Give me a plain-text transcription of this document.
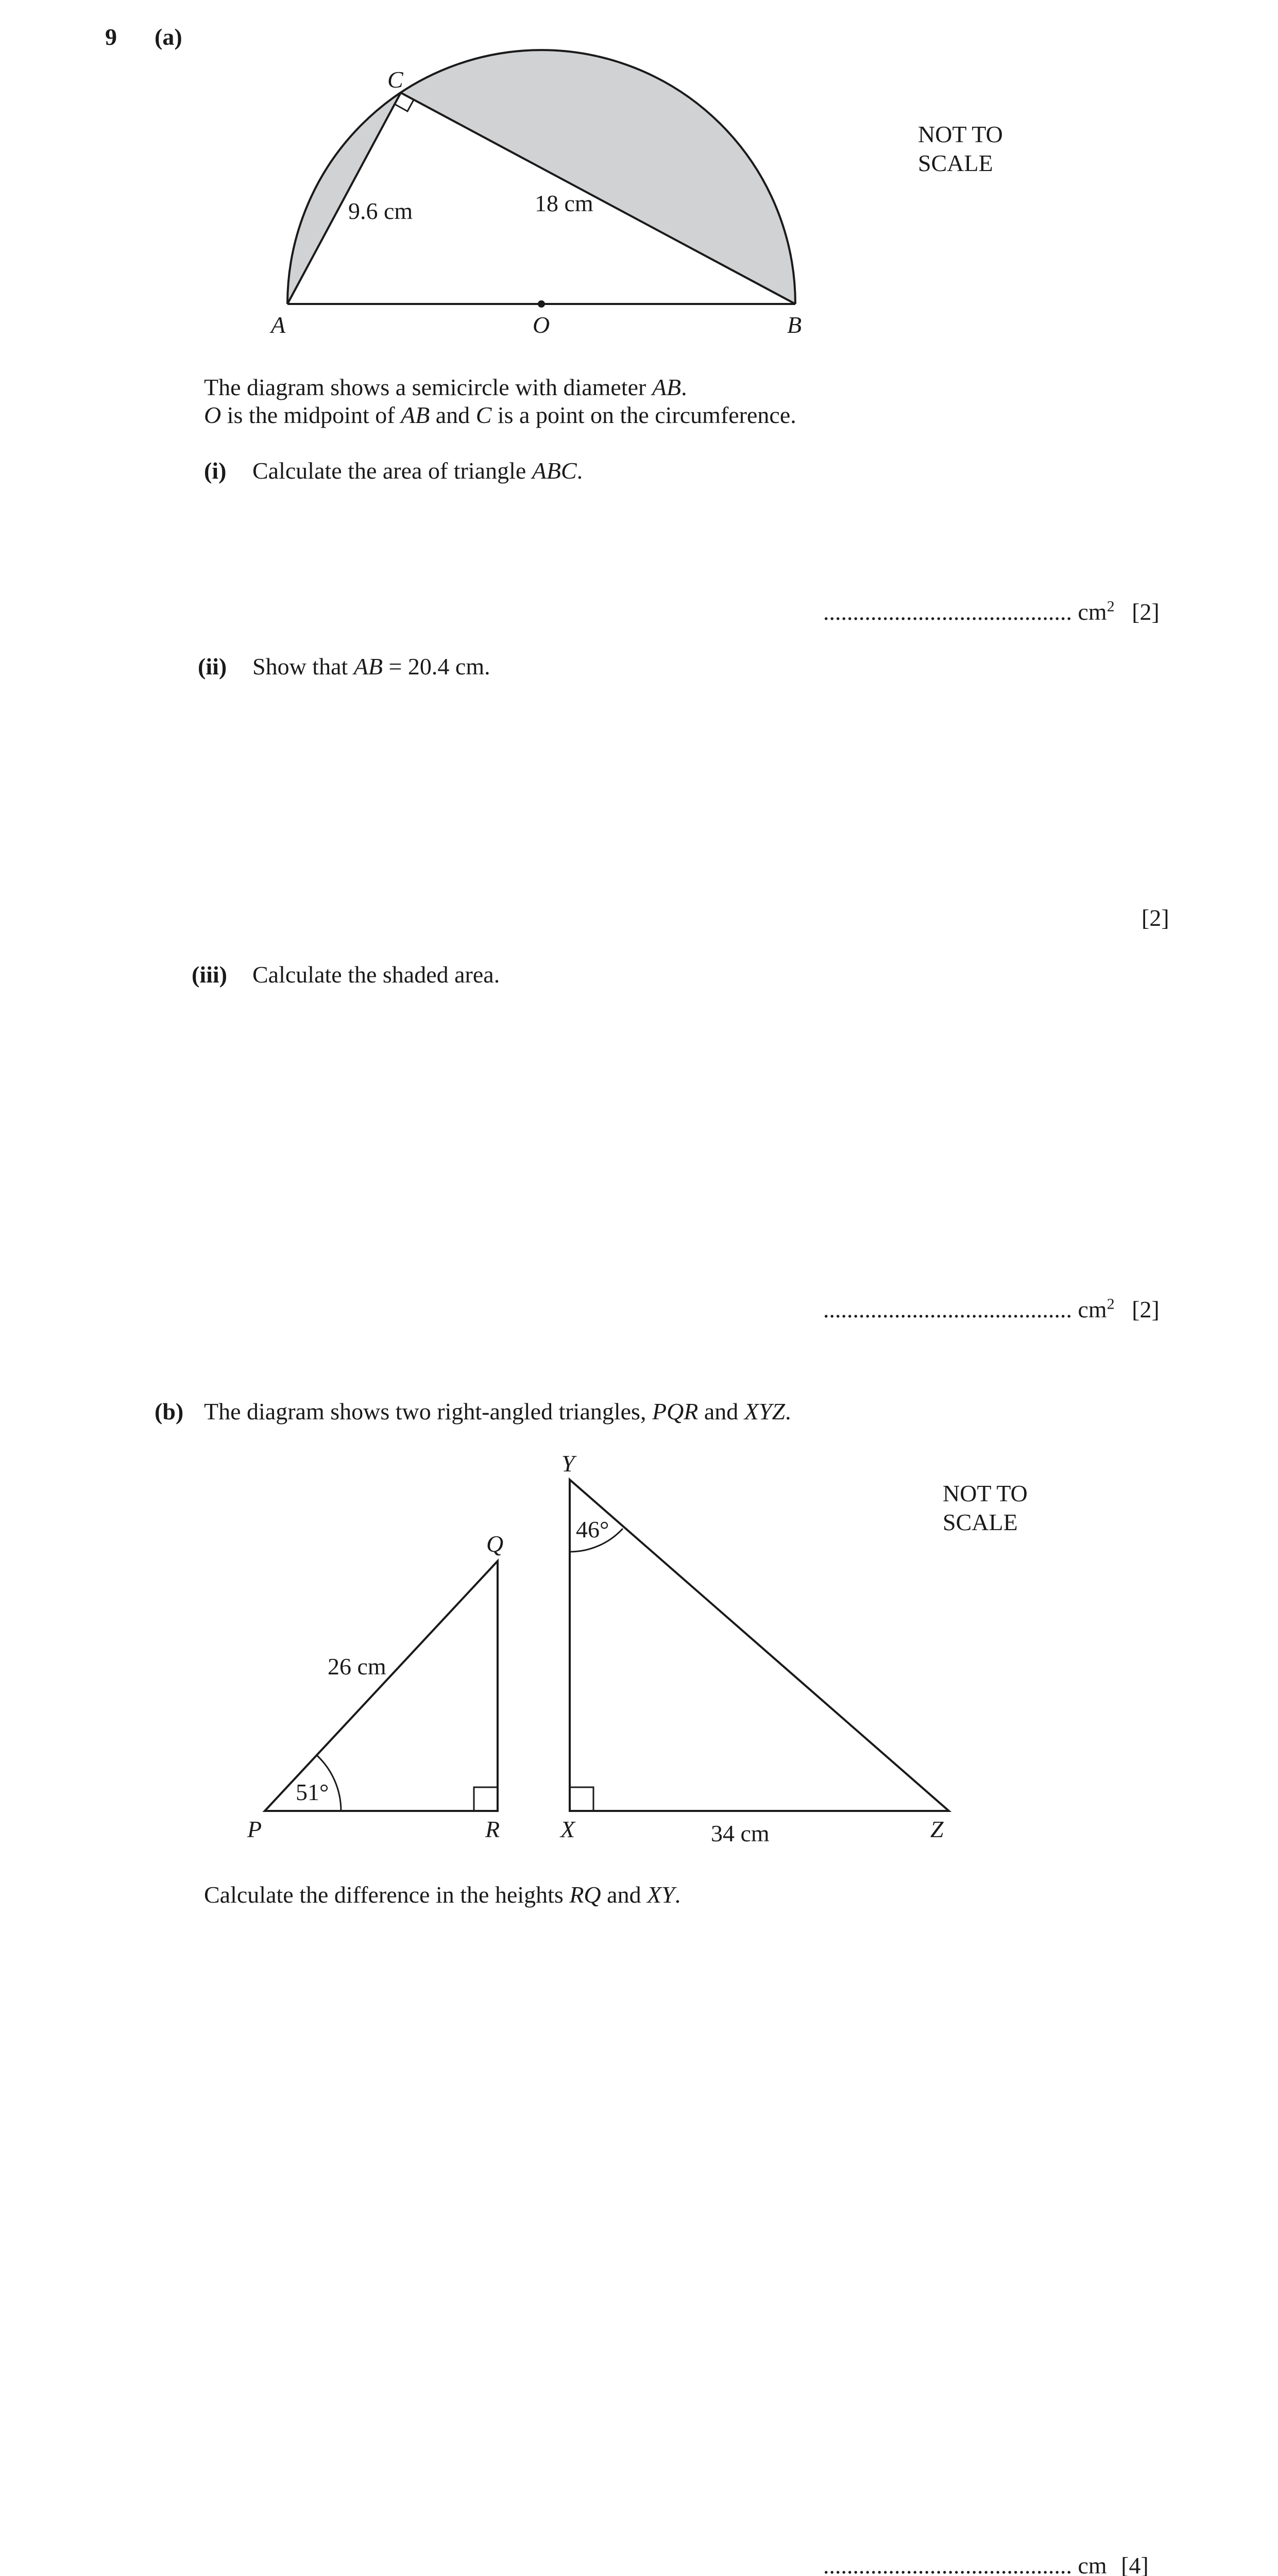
9 (a)
A	O	B
C
9.6 cm	18 cm
NOT TO
SCALE
The diagram shows a semicircle with diameter AB.
O is the midpoint of AB and C is a point on the circumference.
(i) Calculate the area of triangle ABC.
.......................................... $cm^2$ [2]
(ii) Show that AB = 20.4 cm.
[2]
(iii) Calculate the shaded area.
.......................................... $cm^2$ [2]
(b) The diagram shows two right-angled triangles, PQR and XYZ.
P
Q
R
26 cm
51°
Y
X	Z
46°
34 cm
NOT TO
SCALE
Calculate the difference in the heights RQ and XY.
.......................................... cm [4]
